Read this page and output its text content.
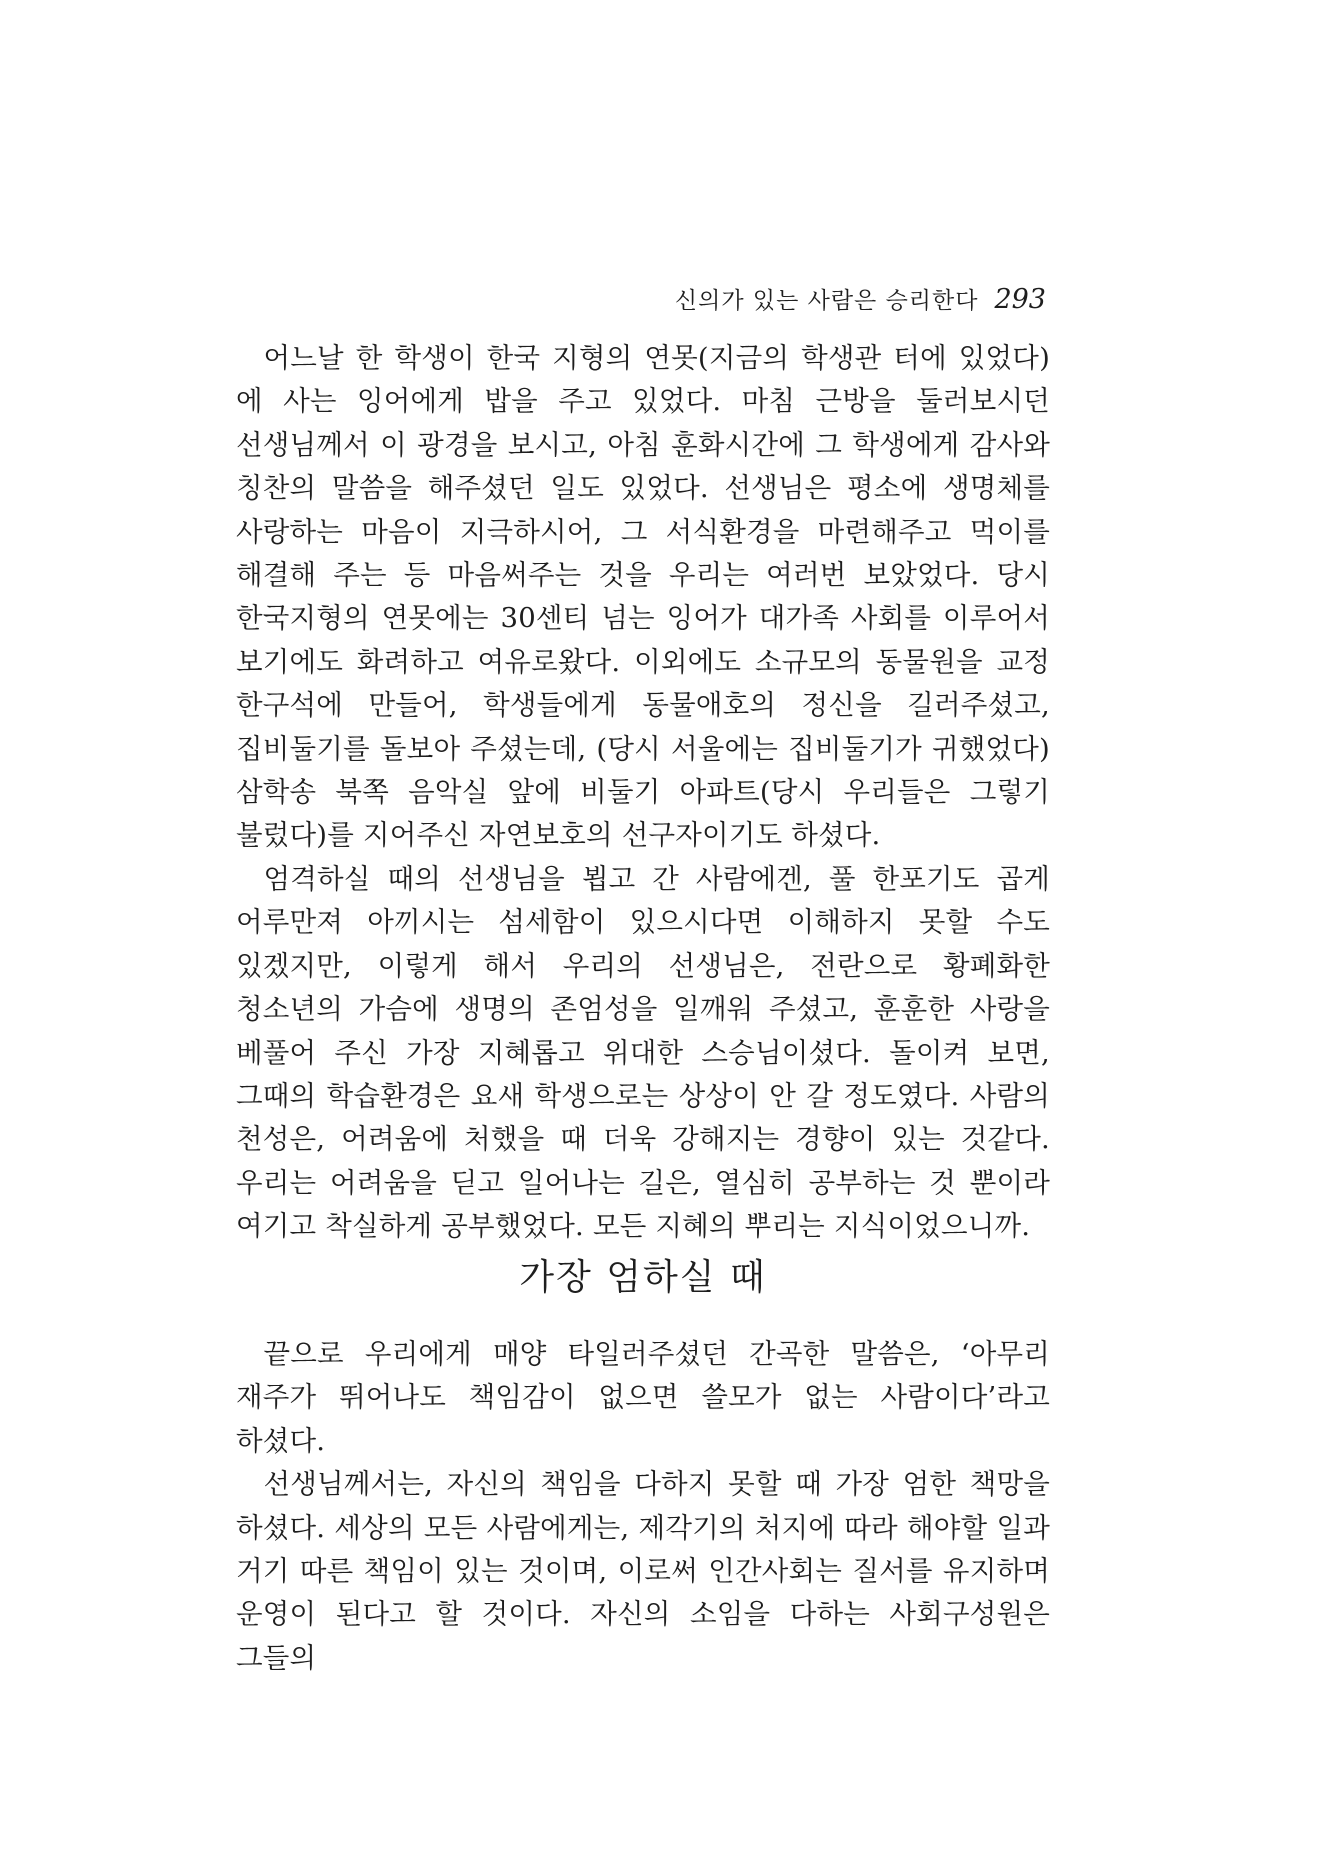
신의가 있는 사람은 승리한다 293

어느날 한 학생이 한국 지형의 연못(지금의 학생관 터에 있었다)에 사는 잉어에게 밥을 주고 있었다. 마침 근방을 둘러보시던 선생님께서 이 광경을 보시고, 아침 훈화시간에 그 학생에게 감사와 칭찬의 말씀을 해주셨던 일도 있었다. 선생님은 평소에 생명체를 사랑하는 마음이 지극하시어, 그 서식환경을 마련해주고 먹이를 해결해 주는 등 마음써주는 것을 우리는 여러번 보았었다. 당시 한국지형의 연못에는 30센티 넘는 잉어가 대가족 사회를 이루어서 보기에도 화려하고 여유로왔다. 이외에도 소규모의 동물원을 교정 한구석에 만들어, 학생들에게 동물애호의 정신을 길러주셨고, 집비둘기를 돌보아 주셨는데, (당시 서울에는 집비둘기가 귀했었다) 삼학송 북쪽 음악실 앞에 비둘기 아파트(당시 우리들은 그렇기 불렀다)를 지어주신 자연보호의 선구자이기도 하셨다.

엄격하실 때의 선생님을 뵙고 간 사람에겐, 풀 한포기도 곱게 어루만져 아끼시는 섬세함이 있으시다면 이해하지 못할 수도 있겠지만, 이렇게 해서 우리의 선생님은, 전란으로 황폐화한 청소년의 가슴에 생명의 존엄성을 일깨워 주셨고, 훈훈한 사랑을 베풀어 주신 가장 지혜롭고 위대한 스승님이셨다. 돌이켜 보면, 그때의 학습환경은 요새 학생으로는 상상이 안 갈 정도였다. 사람의 천성은, 어려움에 처했을 때 더욱 강해지는 경향이 있는 것같다. 우리는 어려움을 딛고 일어나는 길은, 열심히 공부하는 것 뿐이라 여기고 착실하게 공부했었다. 모든 지혜의 뿌리는 지식이었으니까.

가장 엄하실 때

끝으로 우리에게 매양 타일러주셨던 간곡한 말씀은, ‘아무리 재주가 뛰어나도 책임감이 없으면 쓸모가 없는 사람이다’라고 하셨다.

선생님께서는, 자신의 책임을 다하지 못할 때 가장 엄한 책망을 하셨다. 세상의 모든 사람에게는, 제각기의 처지에 따라 해야할 일과 거기 따른 책임이 있는 것이며, 이로써 인간사회는 질서를 유지하며 운영이 된다고 할 것이다. 자신의 소임을 다하는 사회구성원은 그들의
